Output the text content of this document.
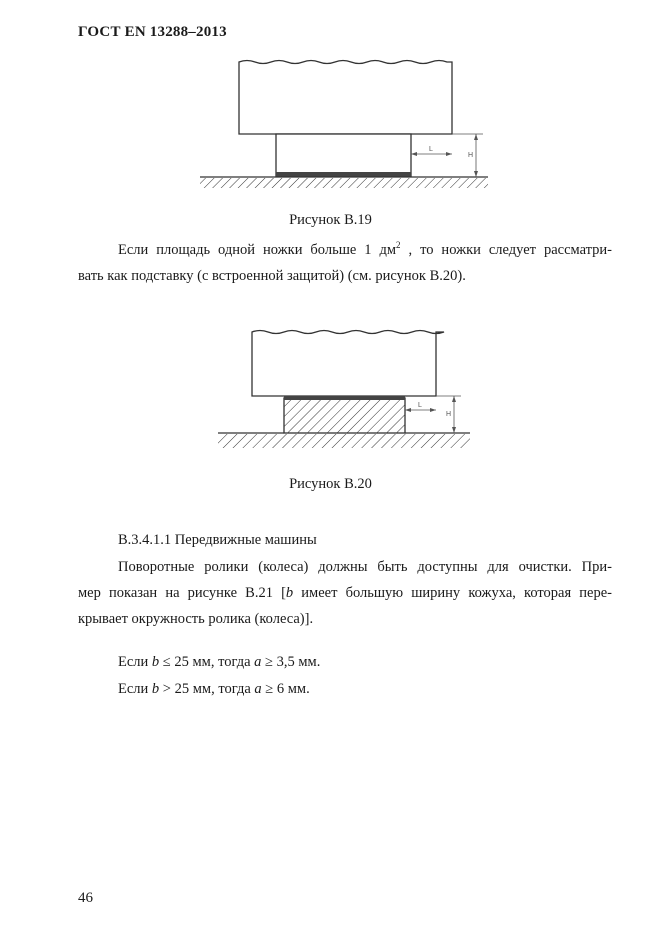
ГОСТ EN 13288–2013
H
L
Рисунок В.19
Если площадь одной ножки больше 1 $дм^2$ , то ножки следует рассматри-
вать как подставку (с встроенной защитой) (см. рисунок В.20).
H
L
Рисунок В.20
В.3.4.1.1 Передвижные машины
Поворотные ролики (колеса) должны быть доступны для очистки. При-
мер показан на рисунке В.21 [b имеет большую ширину кожуха, которая пере-
крывает окружность ролика (колеса)].
Если b ≤ 25 мм, тогда a ≥ 3,5 мм.
Если b > 25 мм, тогда a ≥ 6 мм.
46
